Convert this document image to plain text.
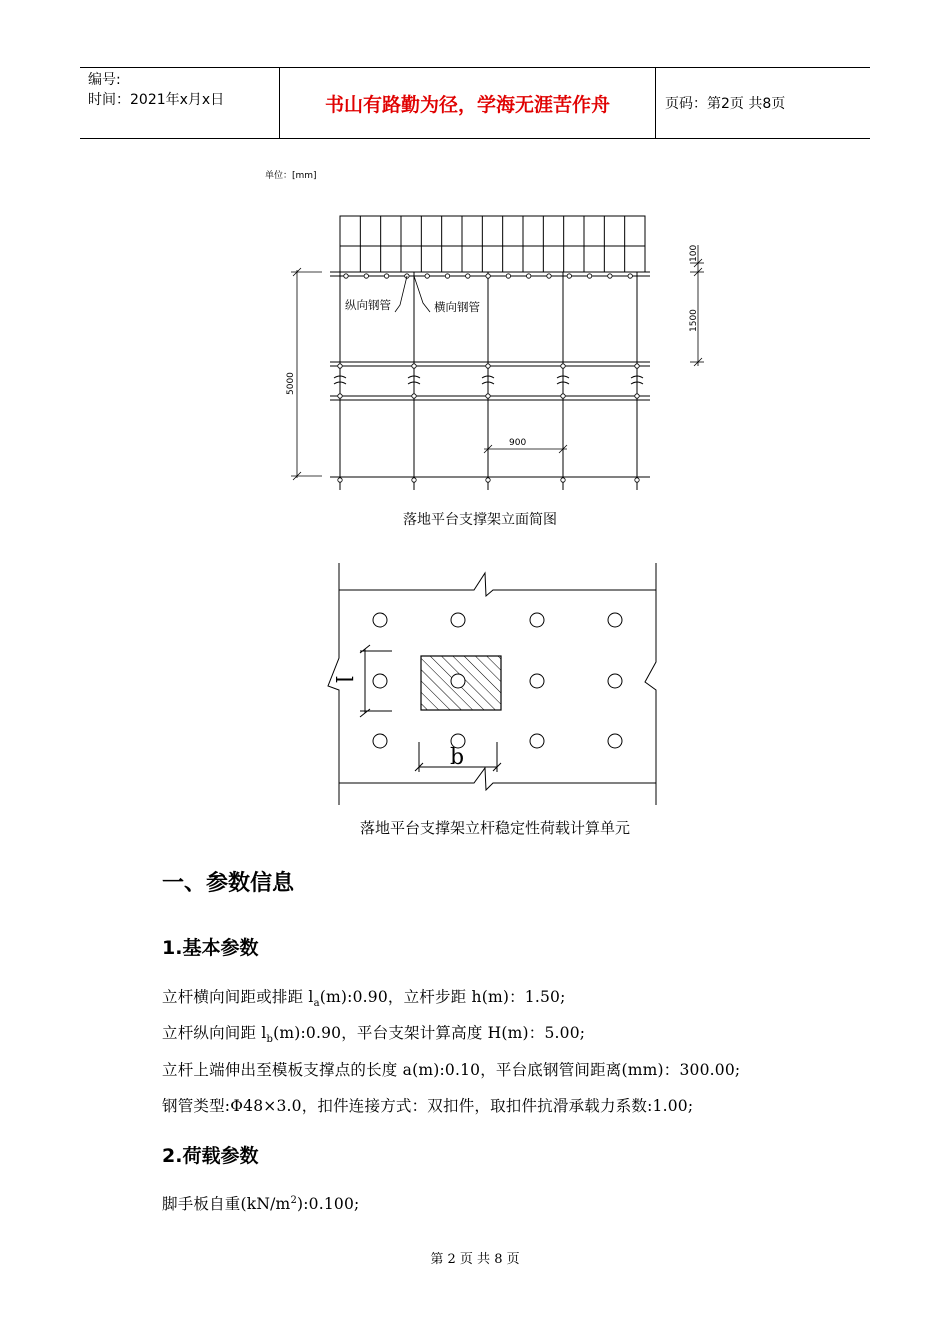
编号:
时间：2021年x月x日	书山有路勤为径，学海无涯苦作舟	页码：第2页 共8页
单位：[mm]
纵向钢管	横向钢管
5000
100
1500
900
落地平台支撑架立面简图
l
b
落地平台支撑架立杆稳定性荷载计算单元
一、参数信息
1.基本参数
立杆横向间距或排距 $l_a(m):0.90$，立杆步距 h(m)：1.50;
立杆纵向间距 $l_b(m):0.90$，平台支架计算高度 H(m)：5.00;
立杆上端伸出至模板支撑点的长度 a(m):0.10，平台底钢管间距离(mm)：300.00;
钢管类型:Φ48×3.0，扣件连接方式：双扣件，取扣件抗滑承载力系数:1.00;
2.荷载参数
脚手板自重$(kN/m^2):0.100$;
第 2 页 共 8 页
